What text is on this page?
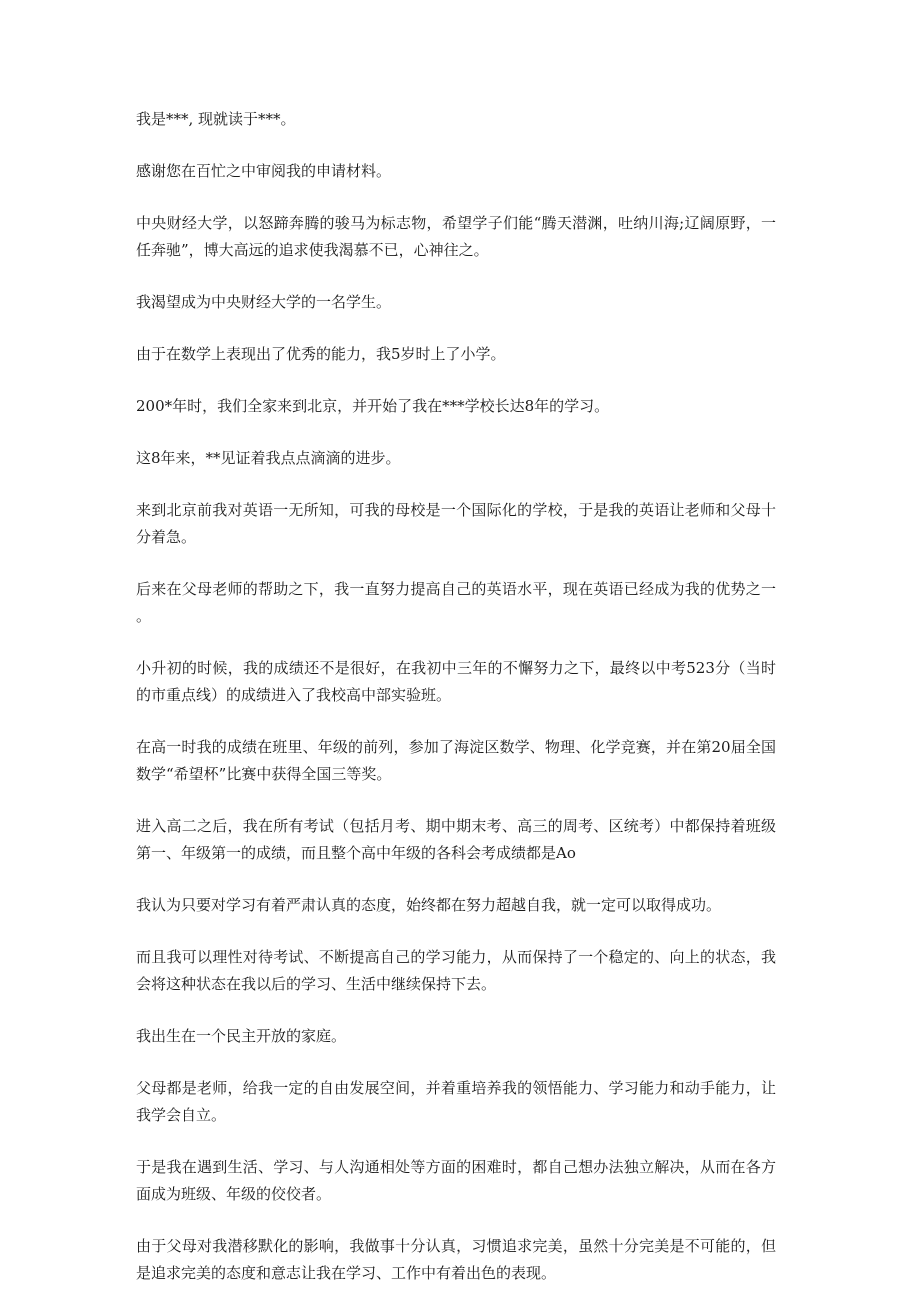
我是***, 现就读于***。

感谢您在百忙之中审阅我的申请材料。

中央财经大学，以怒蹄奔腾的骏马为标志物，希望学子们能“腾天潜渊，吐纳川海;辽阔原野，一任奔驰”，博大高远的追求使我渴慕不已，心神往之。

我渴望成为中央财经大学的一名学生。

由于在数学上表现出了优秀的能力，我5岁时上了小学。

200*年时，我们全家来到北京，并开始了我在***学校长达8年的学习。

这8年来，**见证着我点点滴滴的进步。

来到北京前我对英语一无所知，可我的母校是一个国际化的学校，于是我的英语让老师和父母十分着急。

后来在父母老师的帮助之下，我一直努力提高自己的英语水平，现在英语已经成为我的优势之一。

小升初的时候，我的成绩还不是很好，在我初中三年的不懈努力之下，最终以中考523分（当时的市重点线）的成绩进入了我校高中部实验班。

在高一时我的成绩在班里、年级的前列，参加了海淀区数学、物理、化学竞赛，并在第20届全国数学“希望杯”比赛中获得全国三等奖。

进入高二之后，我在所有考试（包括月考、期中期末考、高三的周考、区统考）中都保持着班级第一、年级第一的成绩，而且整个高中年级的各科会考成绩都是Ao

我认为只要对学习有着严肃认真的态度，始终都在努力超越自我，就一定可以取得成功。

而且我可以理性对待考试、不断提高自己的学习能力，从而保持了一个稳定的、向上的状态，我会将这种状态在我以后的学习、生活中继续保持下去。

我出生在一个民主开放的家庭。

父母都是老师，给我一定的自由发展空间，并着重培养我的领悟能力、学习能力和动手能力，让我学会自立。

于是我在遇到生活、学习、与人沟通相处等方面的困难时，都自己想办法独立解决，从而在各方面成为班级、年级的佼佼者。

由于父母对我潜移默化的影响，我做事十分认真，习惯追求完美，虽然十分完美是不可能的，但是追求完美的态度和意志让我在学习、工作中有着出色的表现。
